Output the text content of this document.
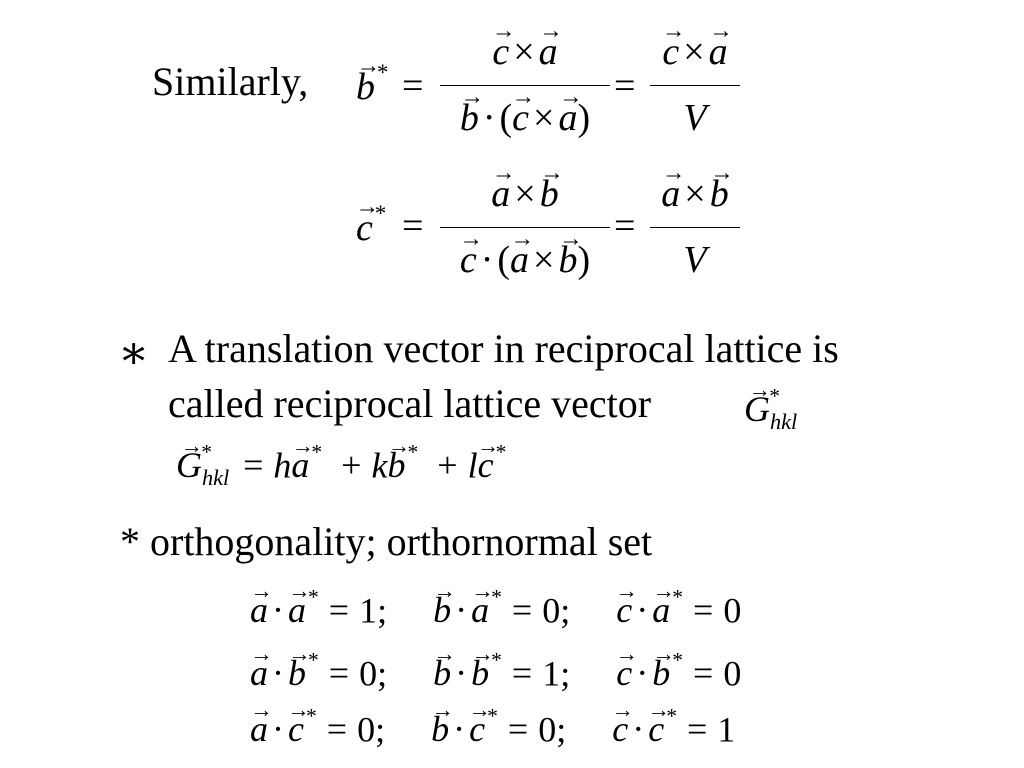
Similarly, → b* =
→ c × → a
→ b · (→ c × → a)
=
→ c × → a
V
→ c* =
→ a × → b
→ c · (→ a × → b)
=
→ a × → b
V
∗ A translation vector in reciprocal lattice is
called reciprocal lattice vector	→ $G_{hkl}^*$
→ $G_{hkl}^* = h\to a^* + k\to b^* + l\to c^*$
* orthogonality; orthornormal set
→ a · → a* = 1; → b · → a* = 0; → c · → a* = 0
→ a · → b* = 0; → b · → b* = 1; → c · → b* = 0
→ a · → c* = 0; → b · → c* = 0; → c · → c* = 1
